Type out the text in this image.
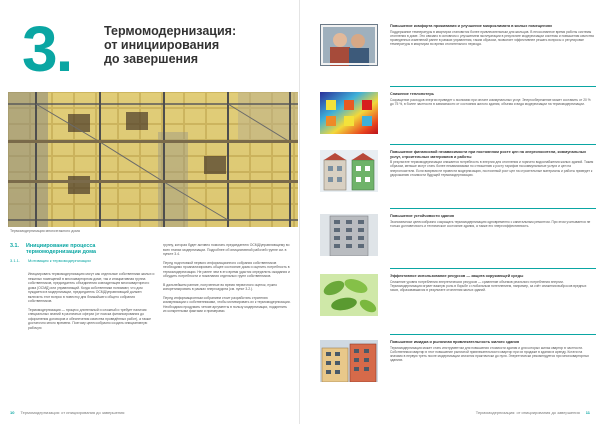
3.	Термомодернизация:
от инициирования
до завершения
Термомодернизация многоэтажного дома
3.1.	Инициирование процесса термомодернизации дома
3.1.1.	Мотивация к термомодернизации

Инициировать термомодернизацию могут как отдельные собственники жилых и нежилых помещений в многоквартирном доме, так и инициативная группа собственников, председатель объединения совладельцев многоквартирного дома (ОСМД) или управляющий. Когда собственники понимают, что дом нуждается в модернизации, председатель ОСМД/управляющий должен включить этот вопрос в повестку дня ближайшего общего собрания собственников.

Термомодернизация — процесс длительный и сложный и требует наличия специальных знаний в различных сферах (от поиска финансирования до оформления договоров и обеспечения качества проведённых работ), а также достаточно много времени. Поэтому целесообразно создать инициативную рабочую

группу, которая будет активно помогать председателю ОСМД/управляющему во всех этапах модернизации. Подробнее об инициативной рабочей группе см. в пункте 3.4.

Перед подготовкой первого информационного собрания собственников необходимо проанализировать общее состояние дома и оценить потребность в термомодернизации. Не ранее чем в это время удастся определить ожидания и обсудить потребности и пожелания отдельных групп собственников.

В дальнейшем ранние, полученные во время первичного оценок, нужно конкретизировать в рамках энергоаудита (см. пункт 3.2.).

Перед информационным собранием стоит разработать стратегию коммуникации с собственниками, чтобы мотивировать их к термомодернизации. Необходимо продумать четкие аргументы в пользу модернизации, подкрепить их конкретными фактами и примерами.

10 Термомодернизация: от инициирования до завершения
Повышение комфорта проживания и улучшение микроклимата в жилых помещениях
Поддержание температуры в квартирах становится более привлекательным для жильцов. В неосознанное время работы системы отопления в доме. Это связано в основном с улучшением эксплуатации в результате модернизации системы и повышения качества проведенных изменений ранее в рамках управления, таким образом, позволяет эффективнее решать вопросы о регулировке температуры в квартирах во время отопительного периода.
Снижение теплопотерь
Сокращение расходов энергии приведет к экономии при оплате коммунальных услуг. Энергосбережение может составить от 20 % до 75 %, в более частности в зависимости от состояния жилого здания, объема и вида модернизации на термомодернизации.
Повышение финансовой независимости при постоянном росте цен на энергоносители, коммунальных услуг, строительных материалов и работы
В результате термомодернизации снижается потребность в энергии для отопления и горячего водоснабжения жилых зданий. Таким образом, меньше могут стать более независимыми по отношению к росту тарифов на коммунальные услуги и цен на энергоносители. Если вовремя не провести модернизацию, постоянный рост цен на строительные материалы и работы приведет к удорожанию стоимости будущей термомодернизации.
Повышение устойчивости здания
Экономически целесообразно сокращать термомодернизацию одновременно с капитальным ремонтом. При этом учитывается не только долговечность и техническое состояние здания, а также его энергоэффективность.
Эффективное использование ресурсов — защита окружающей среды
Снижение уровня потребления энергетических ресурсов — сравнение объемов реального потребления энергии. Термомодернизация играет важную роль в борьбе с глобальным потеплением, например, за счёт снижения выбросов вредных газов, образовавшихся в результате отопления жилых зданий.
Повышение имиджа и рыночная привлекательность жилого здания
Термомодернизация может стать инструментом для повышения стоимости здания и для которых жилья квартир в частности. Собственники квартир в этот повышение рыночной привлекательности квартир при их продаже в здании в аренду. Кстати на значимо в первую треть после модернизации снизится практически до нуля. Энергетически рекомендуется при многоквартирных зданиях.
Термомодернизация: от инициирования до завершения 11
